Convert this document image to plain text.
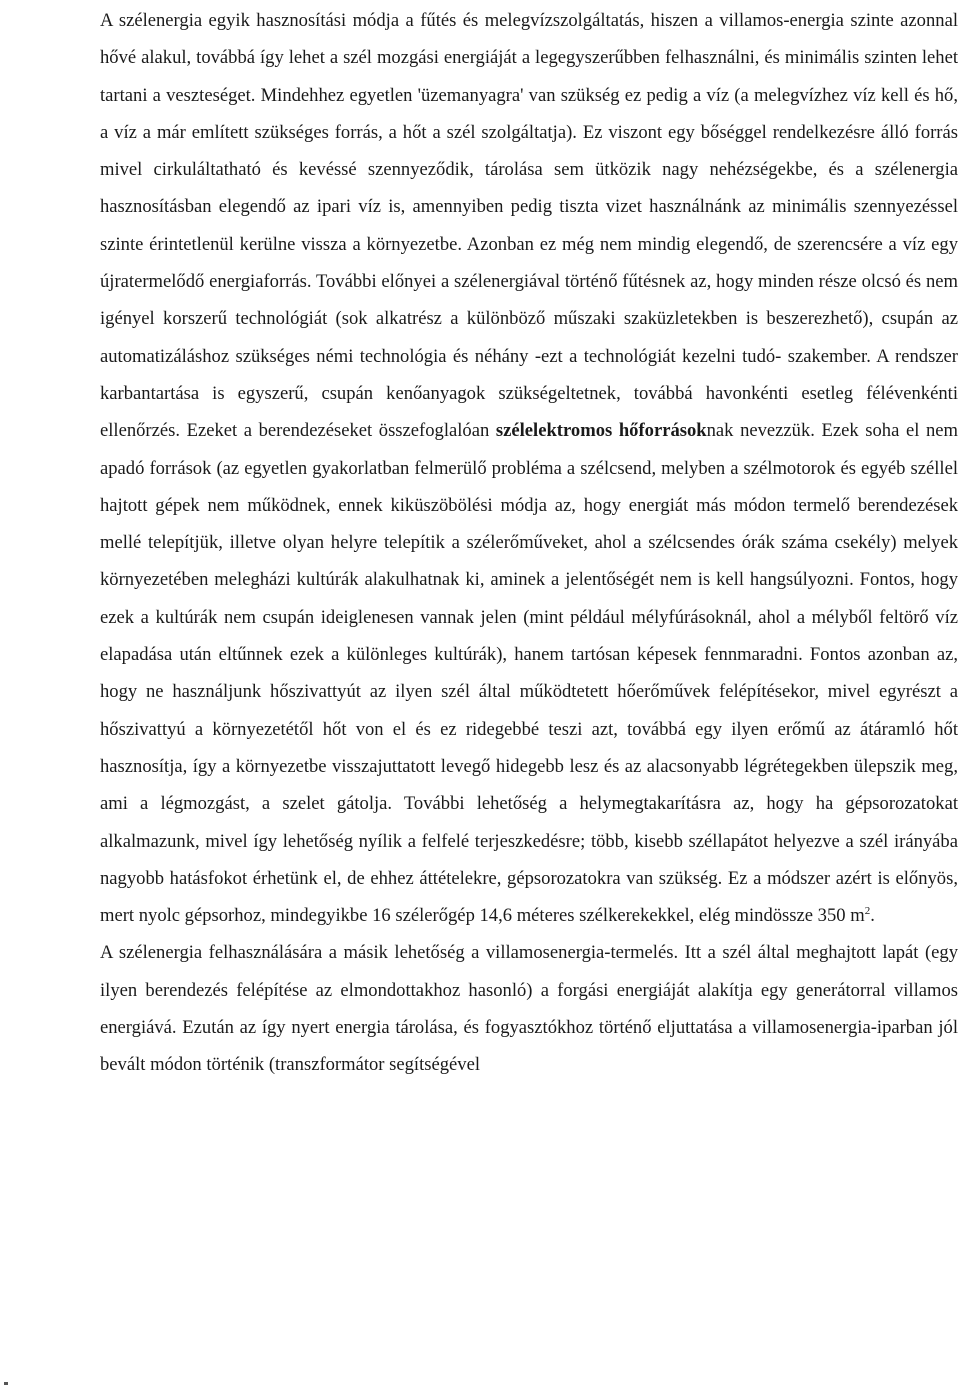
A szélenergia egyik hasznosítási módja a fűtés és melegvízszolgáltatás, hiszen a villamos-energia szinte azonnal hővé alakul, továbbá így lehet a szél mozgási energiáját a legegyszerűbben felhasználni, és minimális szinten lehet tartani a veszteséget. Mindehhez egyetlen 'üzemanyagra' van szükség ez pedig a víz (a melegvízhez víz kell és hő, a víz a már említett szükséges forrás, a hőt a szél szolgáltatja). Ez viszont egy bőséggel rendelkezésre álló forrás mivel cirkuláltatható és kevéssé szennyeződik, tárolása sem ütközik nagy nehézségekbe, és a szélenergia hasznosításban elegendő az ipari víz is, amennyiben pedig tiszta vizet használnánk az minimális szennyezéssel szinte érintetlenül kerülne vissza a környezetbe. Azonban ez még nem mindig elegendő, de szerencsére a víz egy újratermelődő energiaforrás. További előnyei a szélenergiával történő fűtésnek az, hogy minden része olcsó és nem igényel korszerű technológiát (sok alkatrész a különböző műszaki szaküzletekben is beszerezhető), csupán az automatizáláshoz szükséges némi technológia és néhány -ezt a technológiát kezelni tudó- szakember. A rendszer karbantartása is egyszerű, csupán kenőanyagok szükségeltetnek, továbbá havonkénti esetleg félévenkénti ellenőrzés. Ezeket a berendezéseket összefoglalóan szélelektromos hőforrásoknak nevezzük. Ezek soha el nem apadó források (az egyetlen gyakorlatban felmerülő probléma a szélcsend, melyben a szélmotorok és egyéb széllel hajtott gépek nem működnek, ennek kiküszöbölési módja az, hogy energiát más módon termelő berendezések mellé telepítjük, illetve olyan helyre telepítik a szélerőműveket, ahol a szélcsendes órák száma csekély) melyek környezetében melegházi kultúrák alakulhatnak ki, aminek a jelentőségét nem is kell hangsúlyozni. Fontos, hogy ezek a kultúrák nem csupán ideiglenesen vannak jelen (mint például mélyfúrásoknál, ahol a mélyből feltörő víz elapadása után eltűnnek ezek a különleges kultúrák), hanem tartósan képesek fennmaradni. Fontos azonban az, hogy ne használjunk hőszivattyút az ilyen szél által működtetett hőerőművek felépítésekor, mivel egyrészt a hőszivattyú a környezetétől hőt von el és ez ridegebbé teszi azt, továbbá egy ilyen erőmű az átáramló hőt hasznosítja, így a környezetbe visszajuttatott levegő hidegebb lesz és az alacsonyabb légrétegekben ülepszik meg, ami a légmozgást, a szelet gátolja. További lehetőség a helymegtakarításra az, hogy ha gépsorozatokat alkalmazunk, mivel így lehetőség nyílik a felfelé terjeszkedésre; több, kisebb széllapátot helyezve a szél irányába nagyobb hatásfokot érhetünk el, de ehhez áttételekre, gépsorozatokra van szükség. Ez a módszer azért is előnyös, mert nyolc gépsorhoz, mindegyikbe 16 szélerőgép 14,6 méteres szélkerekekkel, elég mindössze 350 $m^2$.

A szélenergia felhasználására a másik lehetőség a villamosenergia-termelés. Itt a szél által meghajtott lapát (egy ilyen berendezés felépítése az elmondottakhoz hasonló) a forgási energiáját alakítja egy generátorral villamos energiává. Ezután az így nyert energia tárolása, és fogyasztókhoz történő eljuttatása a villamosenergia-iparban jól bevált módon történik (transzformátor segítségével
